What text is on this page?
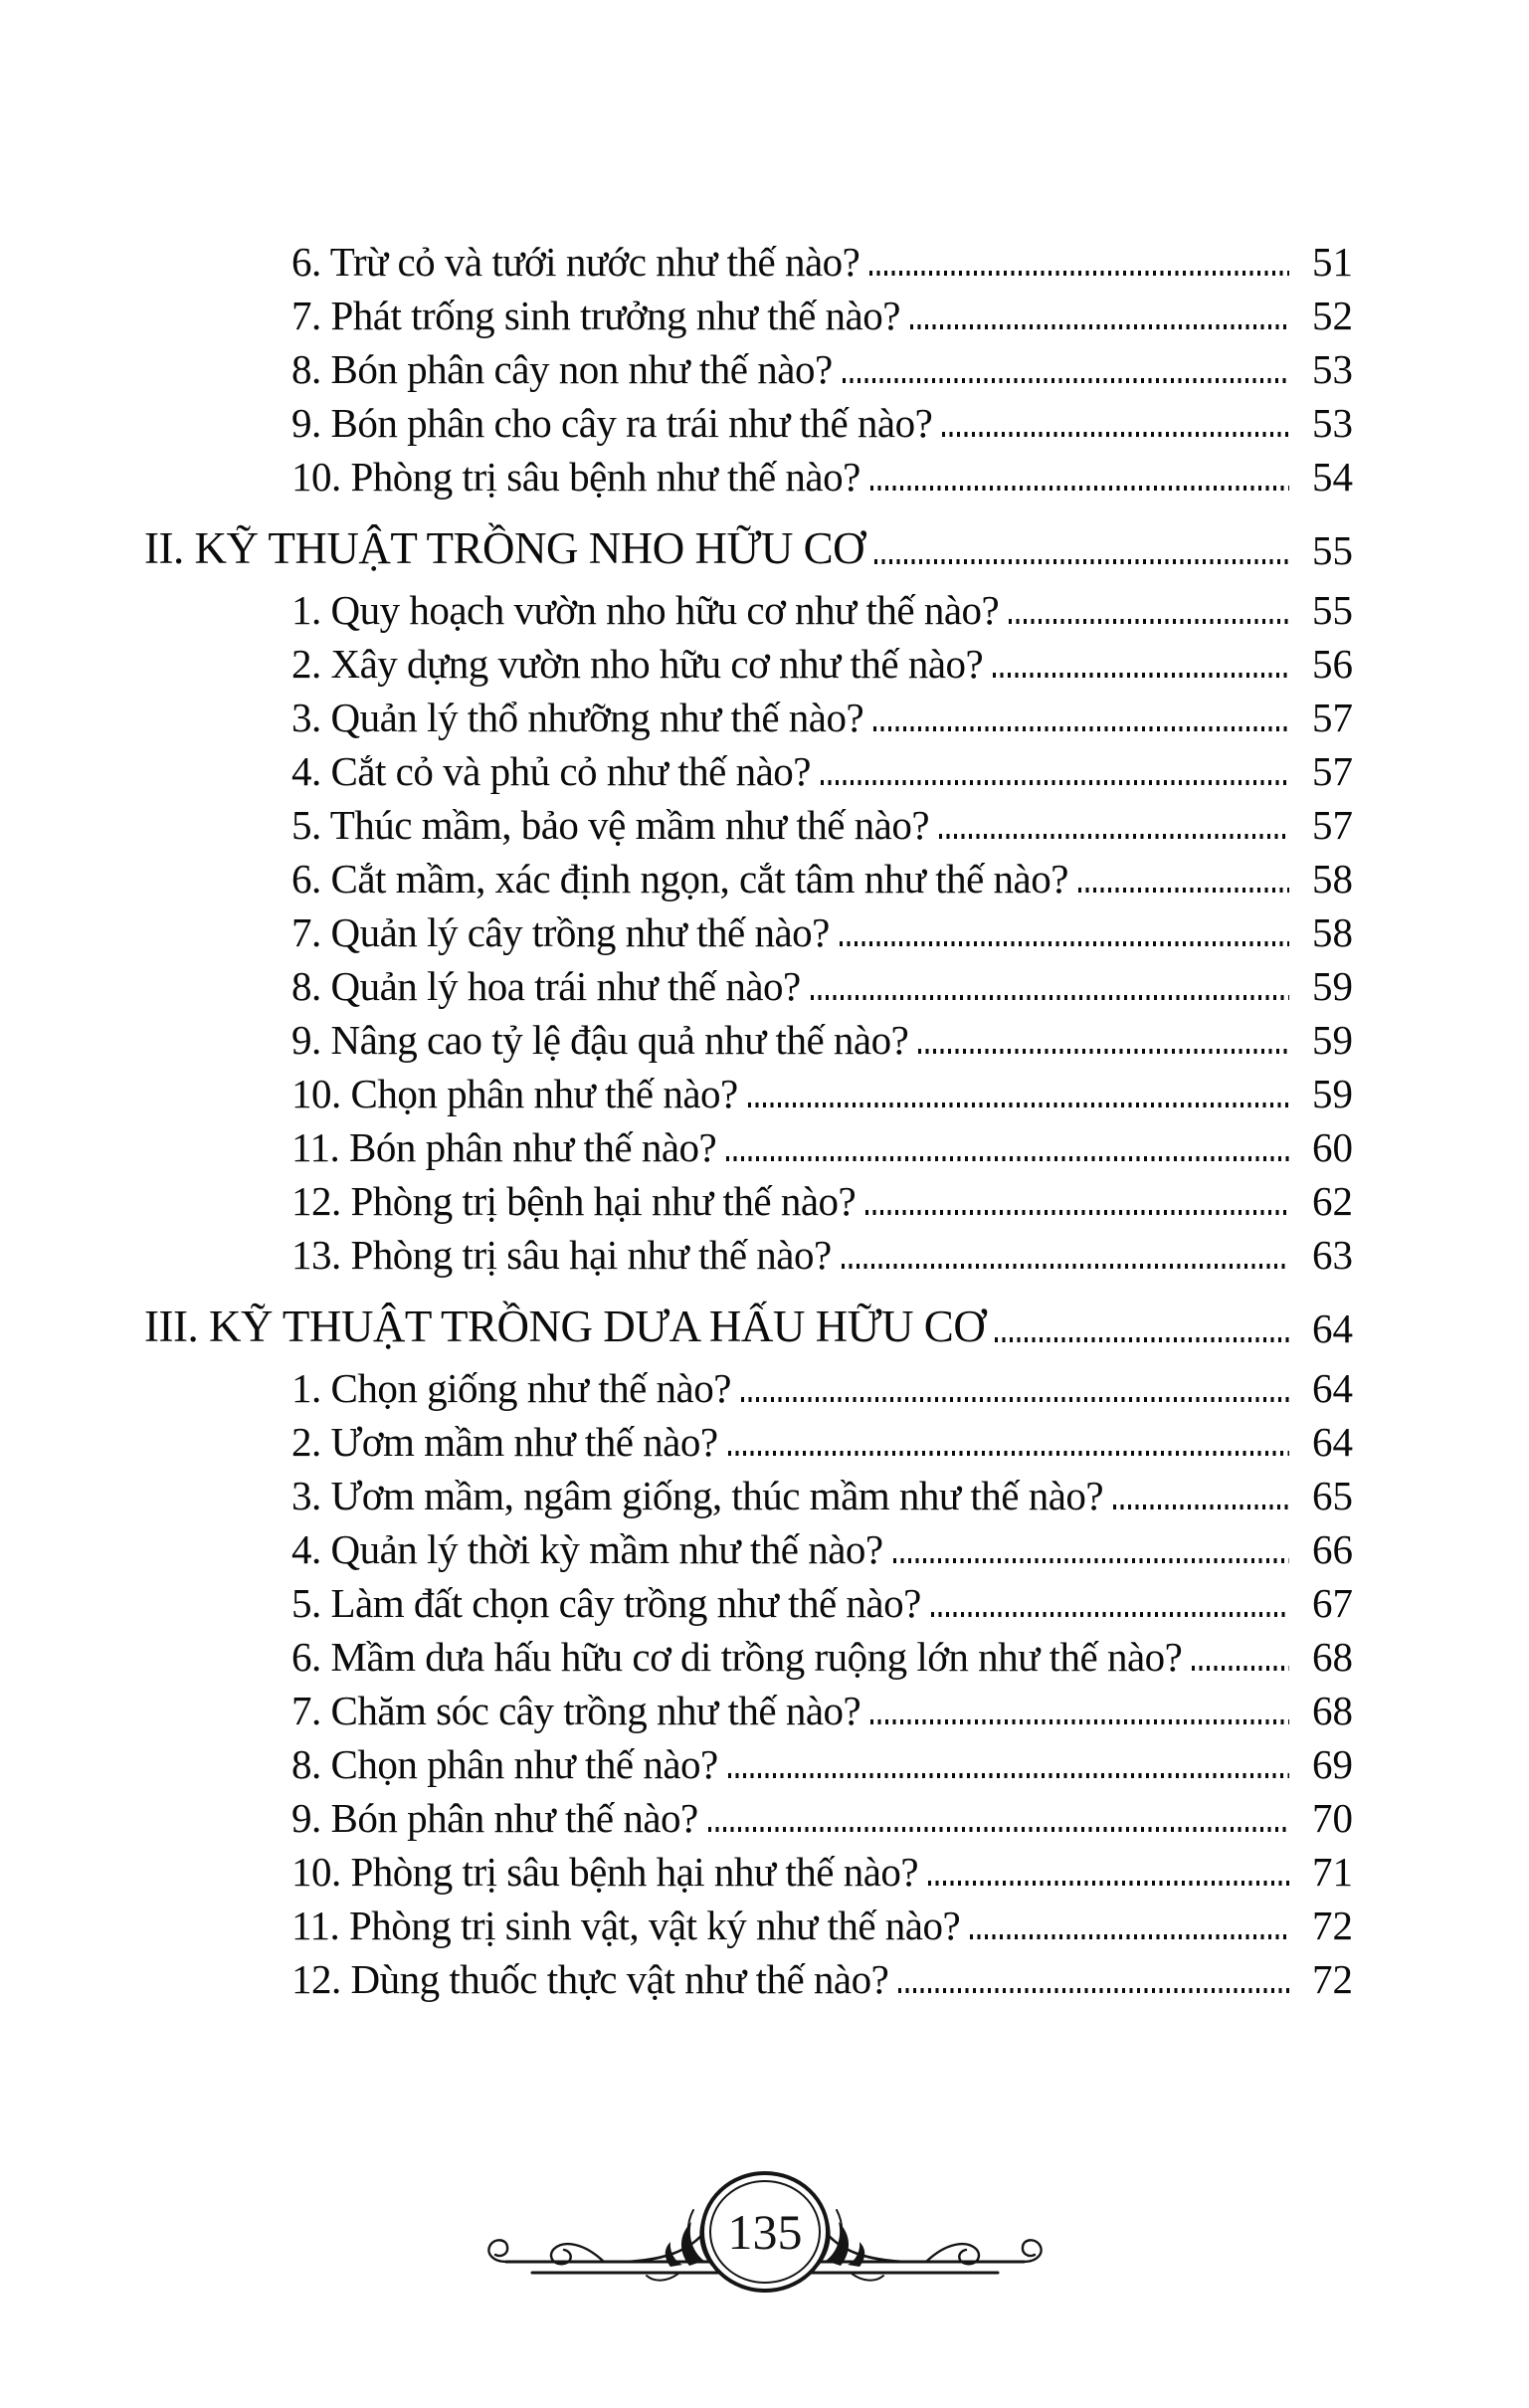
6. Trừ cỏ và tưới nước như thế nào?	51
7. Phát trống sinh trưởng như thế nào?	52
8. Bón phân cây non như thế nào?	53
9. Bón phân cho cây ra trái như thế nào?	53
10. Phòng trị sâu bệnh như thế nào?	54
II. KỸ THUẬT TRỒNG NHO HỮU CƠ	55
1. Quy hoạch vườn nho hữu cơ như thế nào?	55
2. Xây dựng vườn nho hữu cơ như thế nào?	56
3. Quản lý thổ nhưỡng như thế nào?	57
4. Cắt cỏ và phủ cỏ như thế nào?	57
5. Thúc mầm, bảo vệ mầm như thế nào?	57
6. Cắt mầm, xác định ngọn, cắt tâm như thế nào?	58
7. Quản lý cây trồng như thế nào?	58
8. Quản lý hoa trái như thế nào?	59
9. Nâng cao tỷ lệ đậu quả như thế nào?	59
10. Chọn phân như thế nào?	59
11. Bón phân như thế nào?	60
12. Phòng trị bệnh hại như thế nào?	62
13. Phòng trị sâu hại như thế nào?	63
III. KỸ THUẬT TRỒNG DƯA HẤU HỮU CƠ	64
1. Chọn giống như thế nào?	64
2. Ươm mầm như thế nào?	64
3. Ươm mầm, ngâm giống, thúc mầm như thế nào?	65
4. Quản lý thời kỳ mầm như thế nào?	66
5. Làm đất chọn cây trồng như thế nào?	67
6. Mầm dưa hấu hữu cơ di trồng ruộng lớn như thế nào?	68
7. Chăm sóc cây trồng như thế nào?	68
8. Chọn phân như thế nào?	69
9. Bón phân như thế nào?	70
10. Phòng trị sâu bệnh hại như thế nào?	71
11. Phòng trị sinh vật, vật ký như thế nào?	72
12. Dùng thuốc thực vật như thế nào?	72
135
